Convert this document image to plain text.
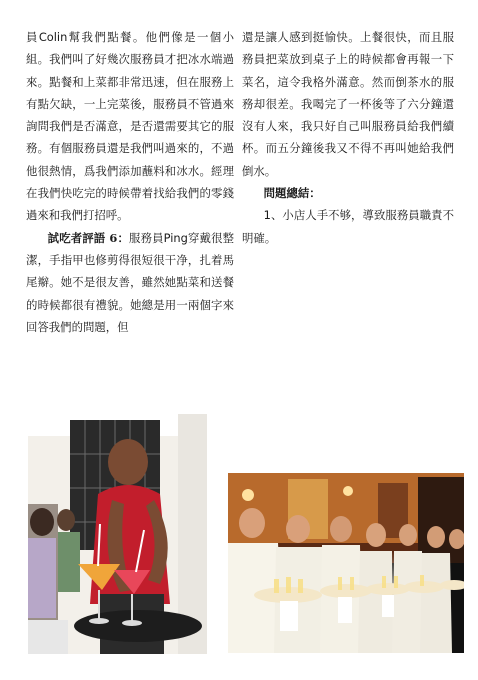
員Colin幫我們點餐。他們像是一個小組。我們叫了好幾次服務員才把冰水端過來。點餐和上菜都非常迅速，但在服務上有點欠缺，一上完菜後，服務員不管過來詢問我們是否滿意，是否還需要其它的服務。有個服務員還是我們叫過來的，不過他很熱情，爲我們添加蘸料和冰水。經理在我們快吃完的時候帶着找給我們的零錢過來和我們打招呼。

試吃者評語 6：服務員Ping穿戴很整潔，手指甲也修剪得很短很干净，扎着馬尾辮。她不是很友善，雖然她點菜和送餐的時候都很有禮貌。她總是用一兩個字來回答我們的問題，但

還是讓人感到挺愉快。上餐很快，而且服務員把菜放到桌子上的時候都會再報一下菜名，這令我格外滿意。然而倒茶水的服務却很差。我喝完了一杯後等了六分鐘還沒有人來，我只好自己叫服務員給我們續杯。而五分鐘後我又不得不再叫她給我們倒水。

問題總結：

1、小店人手不够，導致服務員職責不明確。
